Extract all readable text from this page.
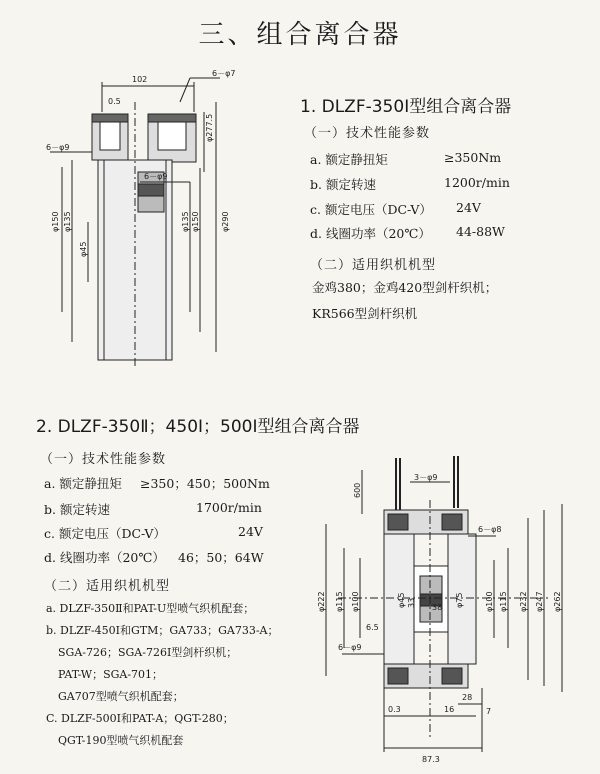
三、组合离合器
102
6－φ7
0.5
φ277.5
6－φ9
6－φ9
φ150 φ135
φ45
φ135 φ150	φ290
1. DLZF-350Ⅰ型组合离合器
（一）技术性能参数
a. 额定静扭矩	≥350Nm
b. 额定转速	1200r/min
c. 额定电压（DC-V） 24V
d. 线圈功率（20℃） 44-88W
（二）适用织机机型
金鸡380；金鸡420型剑杆织机；
KR566型剑杆织机
2. DLZF-350Ⅱ；450Ⅰ；500Ⅰ型组合离合器
（一）技术性能参数
a. 额定静扭矩 ≥350；450；500Nm
b. 额定转速	1700r/min
c. 额定电压（DC-V）	24V
d. 线圈功率（20℃） 46；50；64W
（二）适用织机机型
a. DLZF-350Ⅱ和PAT-U型喷气织机配套；
b. DLZF-450Ⅰ和GTM；GA733；GA733-A；
SGA-726；SGA-726Ⅰ型剑杆织机；
PAT-W；SGA-701；
GA707型喷气织机配套；
C. DLZF-500Ⅰ和PAT-A；QGT-280；
QGT-190型喷气织机配套
600
3－φ9
6－φ8
φ222 φ115 φ100	φ45 33 38 φ75	φ100 φ115 φ232 φ247 φ262
6.5
6－φ9
0.3	16
28
7
87.3
